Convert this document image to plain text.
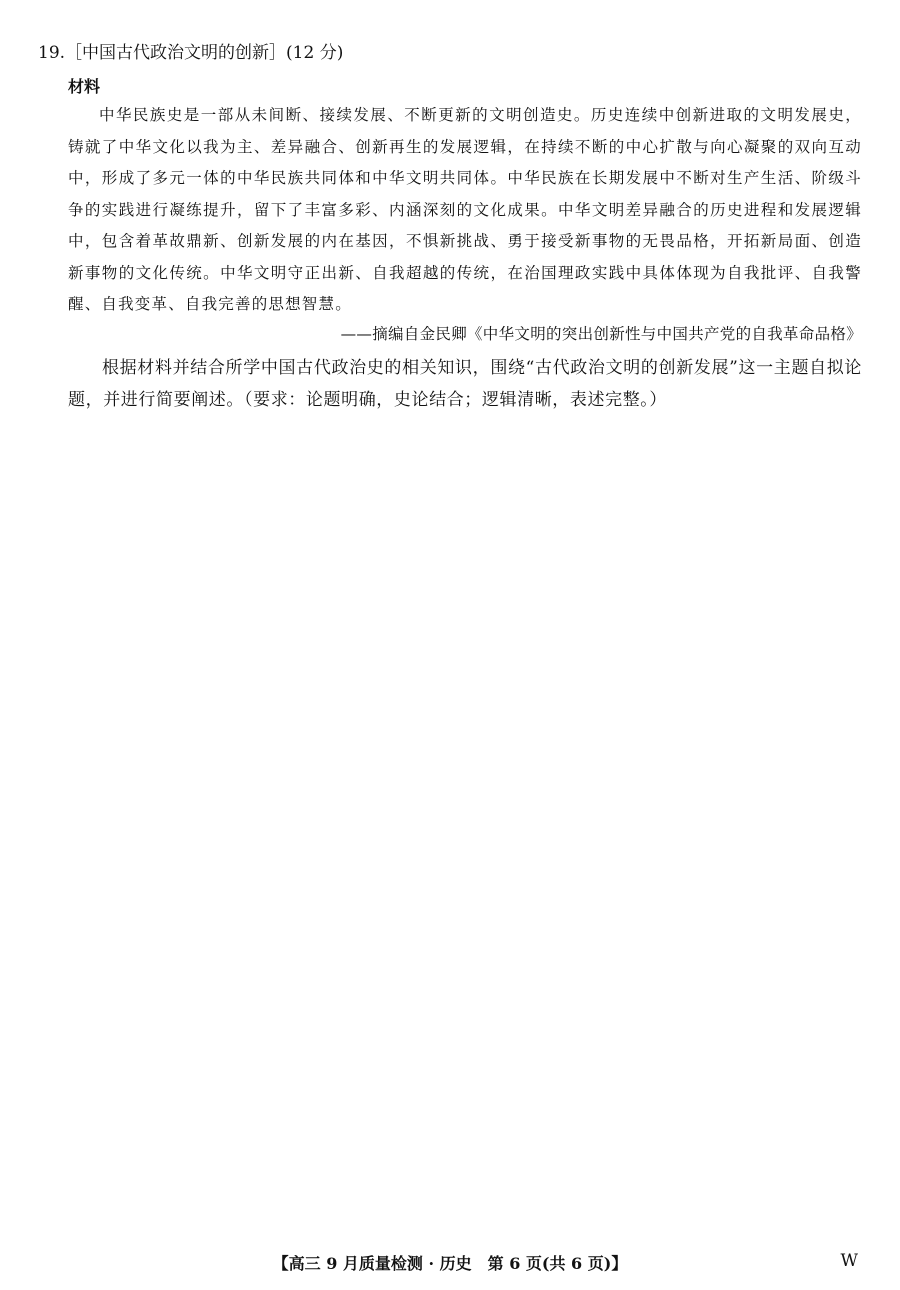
19.［中国古代政治文明的创新］(12 分)
材料
中华民族史是一部从未间断、接续发展、不断更新的文明创造史。历史连续中创新进取的文明发展史，铸就了中华文化以我为主、差异融合、创新再生的发展逻辑，在持续不断的中心扩散与向心凝聚的双向互动中，形成了多元一体的中华民族共同体和中华文明共同体。中华民族在长期发展中不断对生产生活、阶级斗争的实践进行凝练提升，留下了丰富多彩、内涵深刻的文化成果。中华文明差异融合的历史进程和发展逻辑中，包含着革故鼎新、创新发展的内在基因，不惧新挑战、勇于接受新事物的无畏品格，开拓新局面、创造新事物的文化传统。中华文明守正出新、自我超越的传统，在治国理政实践中具体体现为自我批评、自我警醒、自我变革、自我完善的思想智慧。
——摘编自金民卿《中华文明的突出创新性与中国共产党的自我革命品格》
根据材料并结合所学中国古代政治史的相关知识，围绕“古代政治文明的创新发展”这一主题自拟论题，并进行简要阐述。（要求：论题明确，史论结合；逻辑清晰，表述完整。）
【高三 9 月质量检测 · 历史　第 6 页(共 6 页)】	W
